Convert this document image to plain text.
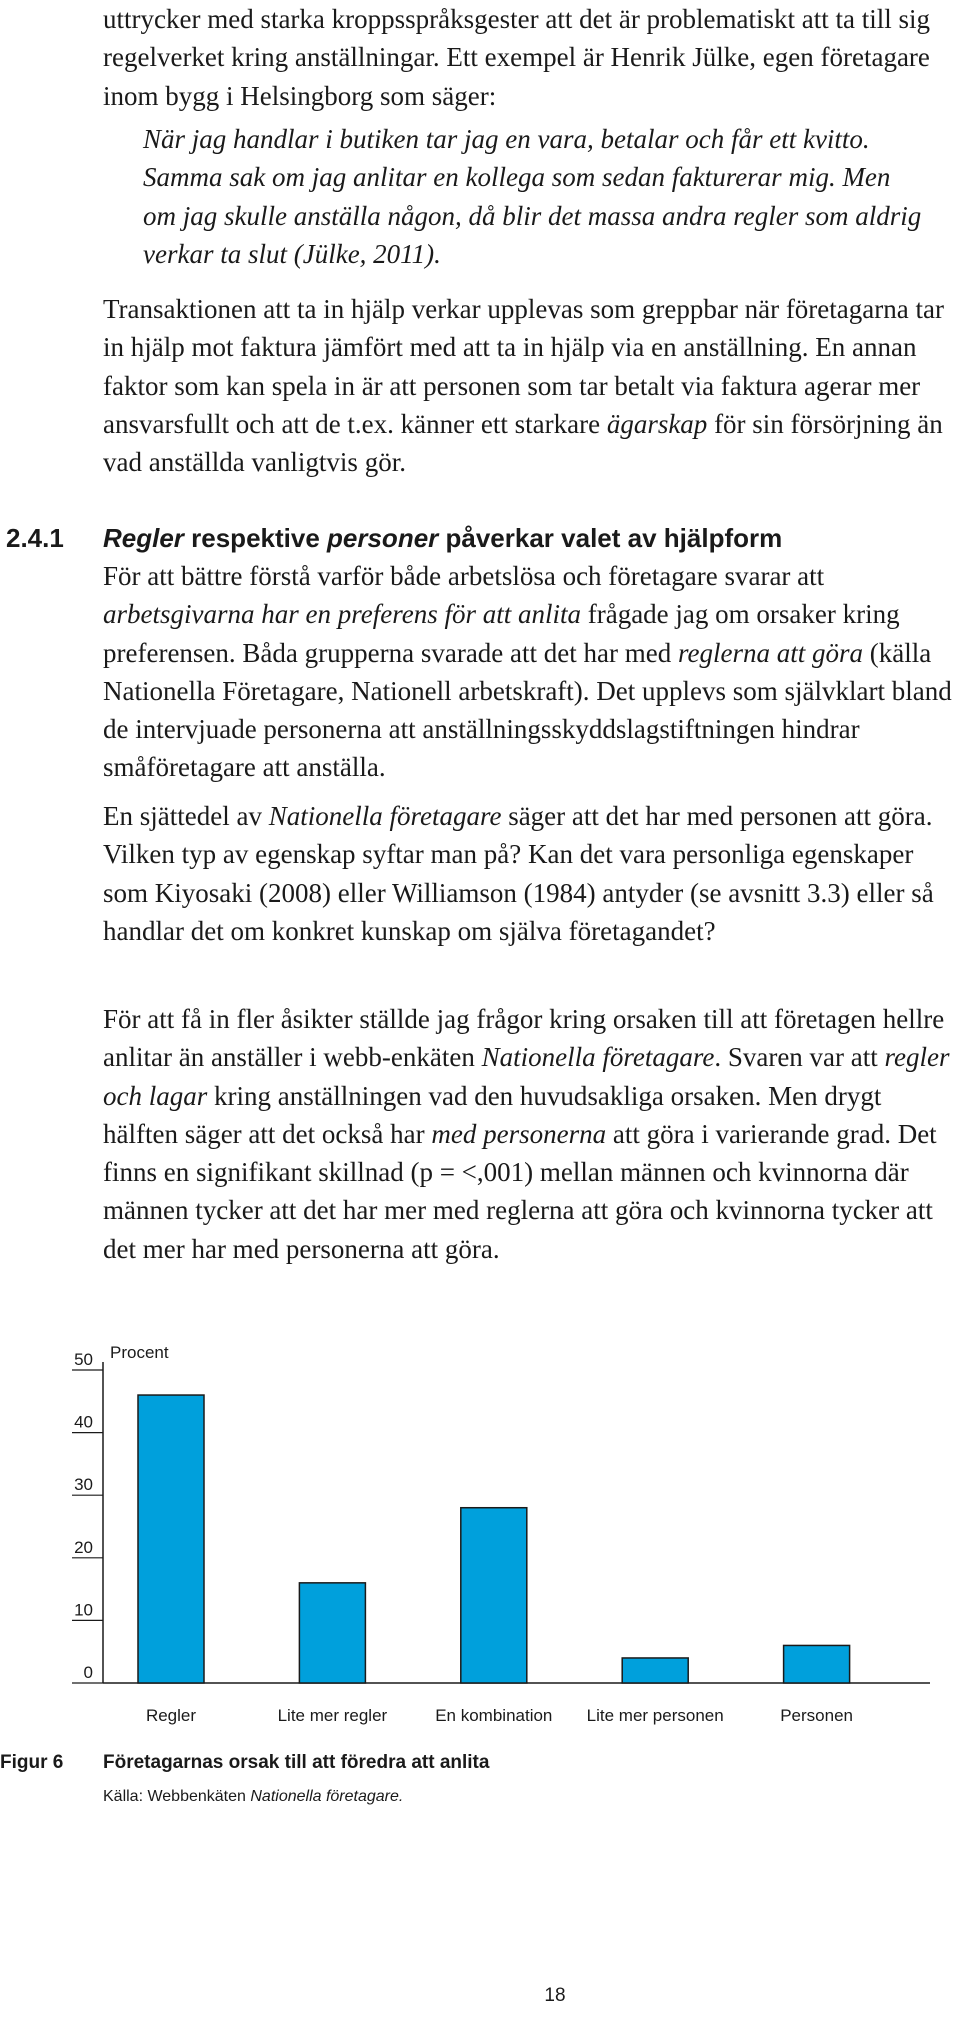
uttrycker med starka kroppsspråksgester att det är problematiskt att ta till sig regelverket kring anställningar. Ett exempel är Henrik Jülke, egen företagare inom bygg i Helsingborg som säger:

När jag handlar i butiken tar jag en vara, betalar och får ett kvitto. Samma sak om jag anlitar en kollega som sedan fakturerar mig. Men om jag skulle anställa någon, då blir det massa andra regler som aldrig verkar ta slut (Jülke, 2011).

Transaktionen att ta in hjälp verkar upplevas som greppbar när företagarna tar in hjälp mot faktura jämfört med att ta in hjälp via en anställning. En annan faktor som kan spela in är att personen som tar betalt via faktura agerar mer ansvarsfullt och att de t.ex. känner ett starkare ägarskap för sin försörjning än vad anställda vanligtvis gör.

2.4.1 Regler respektive personer påverkar valet av hjälpform

För att bättre förstå varför både arbetslösa och företagare svarar att arbetsgivarna har en preferens för att anlita frågade jag om orsaker kring preferensen. Båda grupperna svarade att det har med reglerna att göra (källa Nationella Företagare, Nationell arbetskraft). Det upplevs som självklart bland de intervjuade personerna att anställningsskyddslagstiftningen hindrar småföretagare att anställa.

En sjättedel av Nationella företagare säger att det har med personen att göra. Vilken typ av egenskap syftar man på? Kan det vara personliga egenskaper som Kiyosaki (2008) eller Williamson (1984) antyder (se avsnitt 3.3) eller så handlar det om konkret kunskap om själva företagandet?

För att få in fler åsikter ställde jag frågor kring orsaken till att företagen hellre anlitar än anställer i webb-enkäten Nationella företagare. Svaren var att regler och lagar kring anställningen vad den huvudsakliga orsaken. Men drygt hälften säger att det också har med personerna att göra i varierande grad. Det finns en signifikant skillnad (p = <,001) mellan männen och kvinnorna där männen tycker att det har mer med reglerna att göra och kvinnorna tycker att det mer har med personerna att göra.

0
10
20
30
40
50 Procent
Regler	Lite mer regler	En kombination Lite mer personen	Personen
Figur 6 Företagarnas orsak till att föredra att anlita
Källa: Webbenkäten Nationella företagare.
18
